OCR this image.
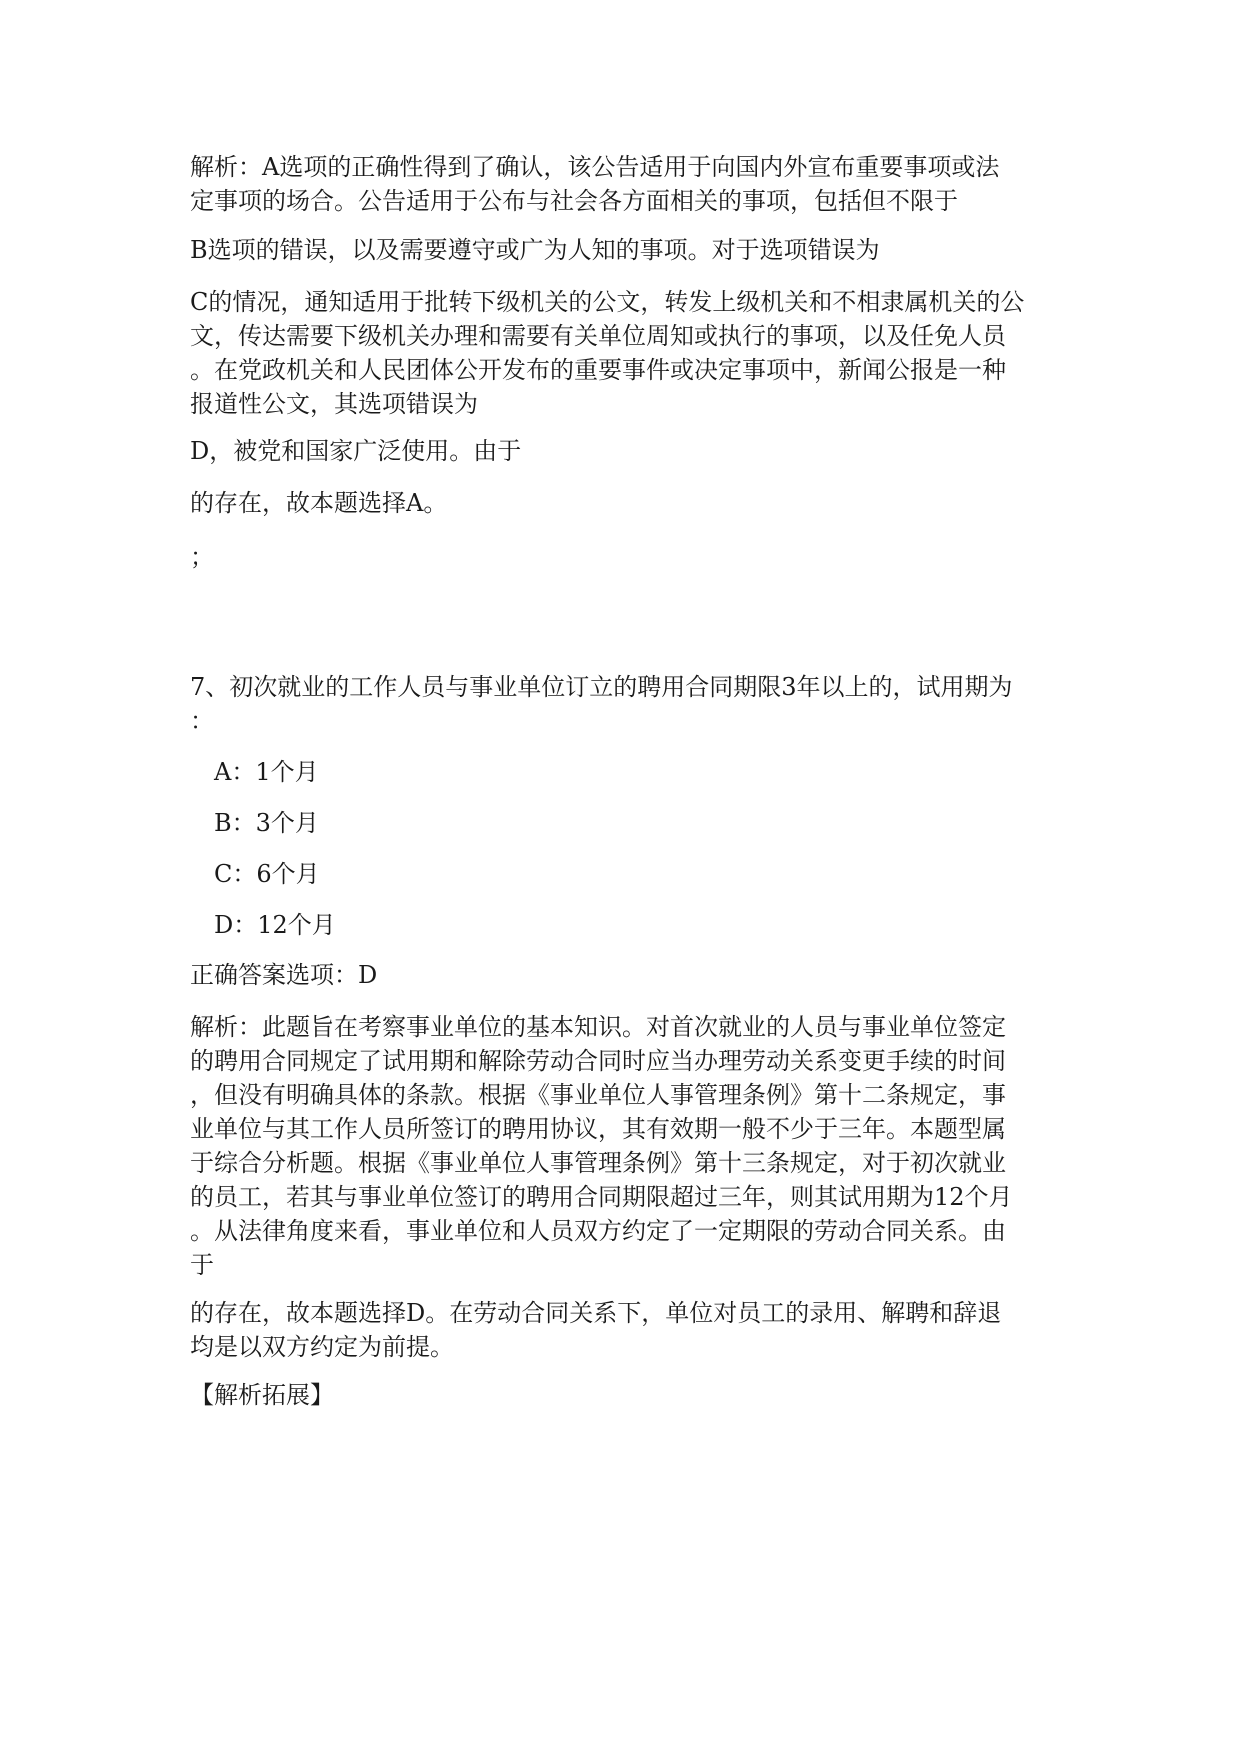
解析：A选项的正确性得到了确认，该公告适用于向国内外宣布重要事项或法
定事项的场合。公告适用于公布与社会各方面相关的事项，包括但不限于
B选项的错误，以及需要遵守或广为人知的事项。对于选项错误为
C的情况，通知适用于批转下级机关的公文，转发上级机关和不相隶属机关的公
文，传达需要下级机关办理和需要有关单位周知或执行的事项，以及任免人员
。在党政机关和人民团体公开发布的重要事件或决定事项中，新闻公报是一种
报道性公文，其选项错误为
D，被党和国家广泛使用。由于
的存在，故本题选择A。
；
7、初次就业的工作人员与事业单位订立的聘用合同期限3年以上的，试用期为
：
A：1个月
B：3个月
C：6个月
D：12个月
正确答案选项：D
解析：此题旨在考察事业单位的基本知识。对首次就业的人员与事业单位签定
的聘用合同规定了试用期和解除劳动合同时应当办理劳动关系变更手续的时间
，但没有明确具体的条款。根据《事业单位人事管理条例》第十二条规定，事
业单位与其工作人员所签订的聘用协议，其有效期一般不少于三年。本题型属
于综合分析题。根据《事业单位人事管理条例》第十三条规定，对于初次就业
的员工，若其与事业单位签订的聘用合同期限超过三年，则其试用期为12个月
。从法律角度来看，事业单位和人员双方约定了一定期限的劳动合同关系。由
于
的存在，故本题选择D。在劳动合同关系下，单位对员工的录用、解聘和辞退
均是以双方约定为前提。
【解析拓展】
